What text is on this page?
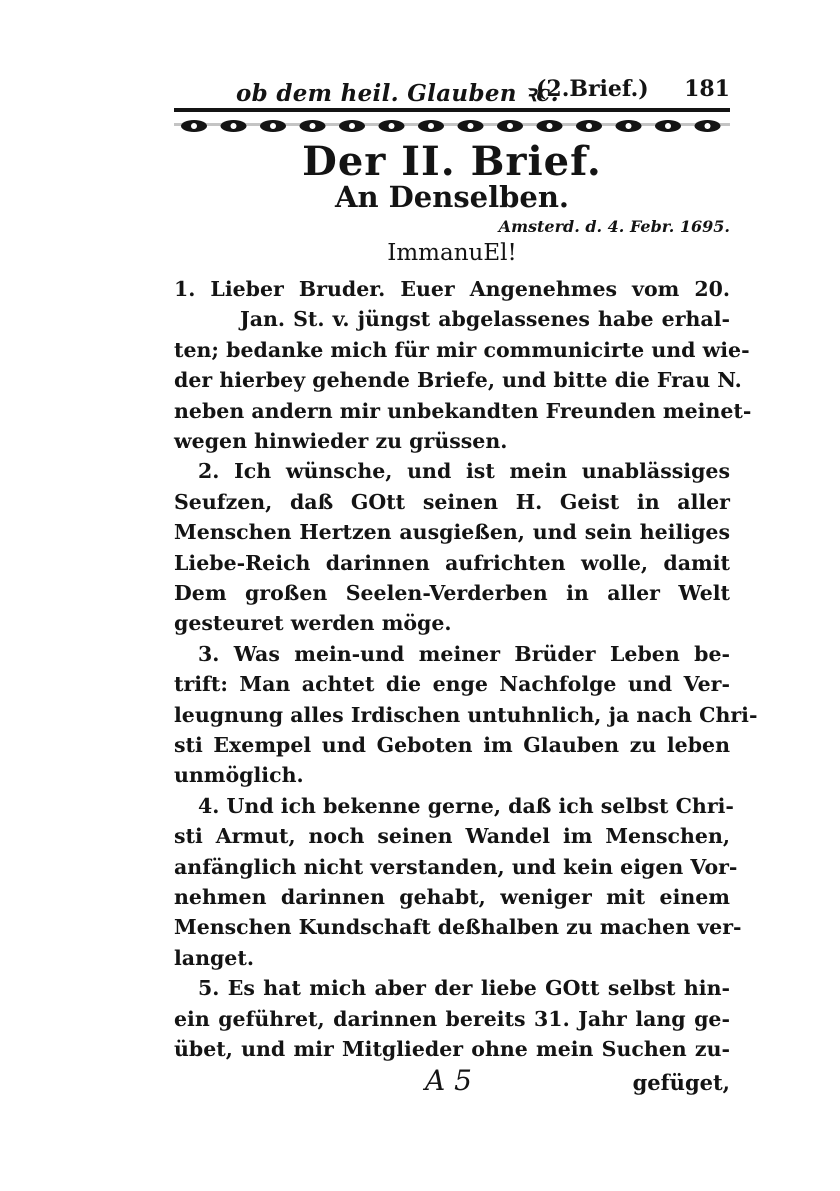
ob dem heil. Glauben ꝛc.
(2.Brief.) 181
Der II. Brief.
An Denselben.
Amsterd. d. 4. Febr. 1695.
ImmanuEl!
1. Lieber Bruder. Euer Angenehmes vom 20.
Jan. St. v. jüngst abgelassenes habe erhal-
ten; bedanke mich für mir communicirte und wie-
der hierbey gehende Briefe, und bitte die Frau N.
neben andern mir unbekandten Freunden meinet-
wegen hinwieder zu grüssen.
2. Ich wünsche, und ist mein unablässiges
Seufzen, daß GOtt seinen H. Geist in aller
Menschen Hertzen ausgießen, und sein heiliges
Liebe-Reich darinnen aufrichten wolle, damit
Dem großen Seelen-Verderben in aller Welt
gesteuret werden möge.
3. Was mein-und meiner Brüder Leben be-
trift: Man achtet die enge Nachfolge und Ver-
leugnung alles Irdischen untuhnlich, ja nach Chri-
sti Exempel und Geboten im Glauben zu leben
unmöglich.
4. Und ich bekenne gerne, daß ich selbst Chri-
sti Armut, noch seinen Wandel im Menschen,
anfänglich nicht verstanden, und kein eigen Vor-
nehmen darinnen gehabt, weniger mit einem
Menschen Kundschaft deßhalben zu machen ver-
langet.
5. Es hat mich aber der liebe GOtt selbst hin-
ein geführet, darinnen bereits 31. Jahr lang ge-
übet, und mir Mitglieder ohne mein Suchen zu-
A 5	gefüget,
